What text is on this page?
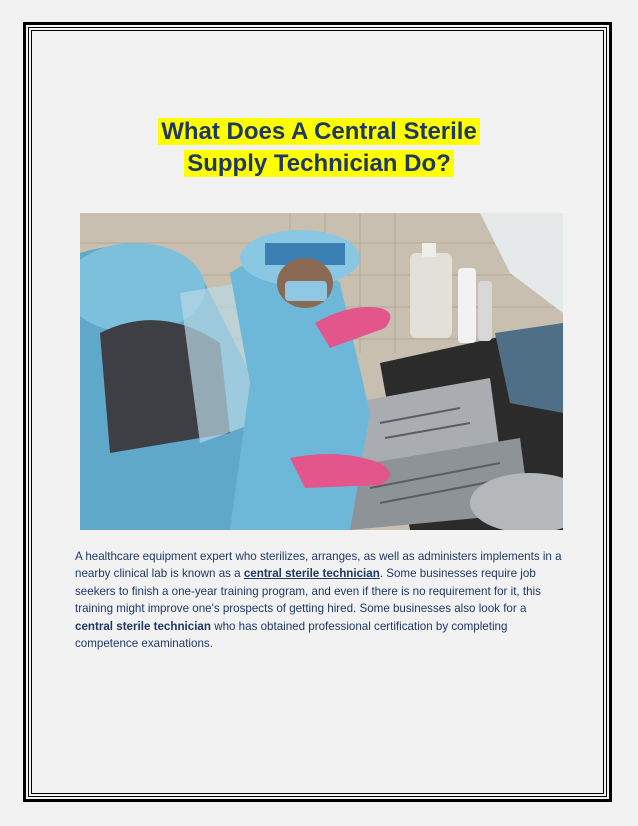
What Does A Central Sterile
Supply Technician Do?

A healthcare equipment expert who sterilizes, arranges, as well as administers implements in a nearby clinical lab is known as a central sterile technician. Some businesses require job seekers to finish a one-year training program, and even if there is no requirement for it, this training might improve one's prospects of getting hired. Some businesses also look for a central sterile technician who has obtained professional certification by completing competence examinations.
